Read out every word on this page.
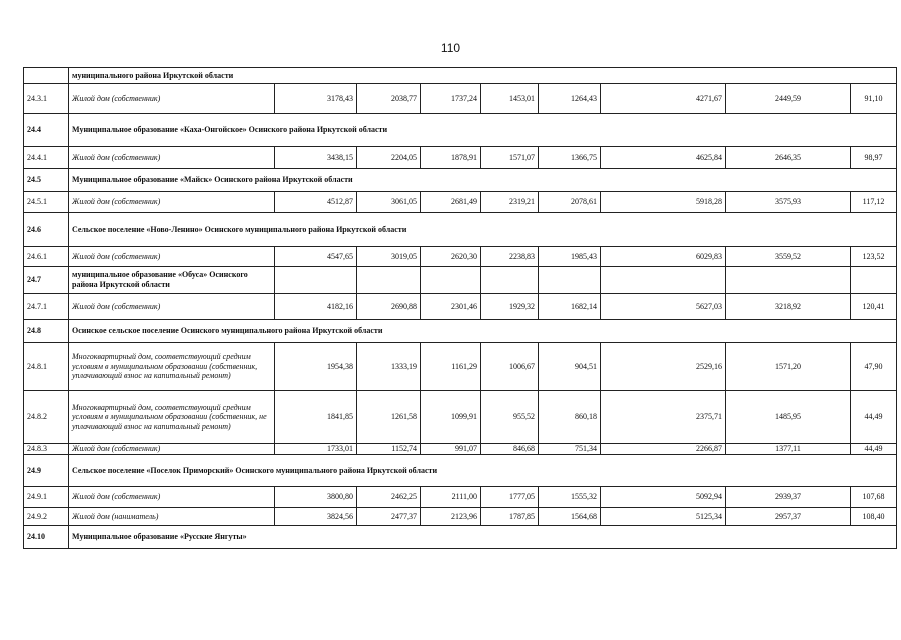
110
	муниципального района Иркутской области								
24.3.1	Жилой дом (собственник)	3178,43	2038,77	1737,24	1453,01	1264,43	4271,67	2449,59	91,10
24.4	Муниципальное образование «Каха-Онгойское» Осинского района Иркутской области								
24.4.1	Жилой дом (собственник)	3438,15	2204,05	1878,91	1571,07	1366,75	4625,84	2646,35	98,97
24.5	Муниципальное образование «Майск» Осинского района Иркутской области								
24.5.1	Жилой дом (собственник)	4512,87	3061,05	2681,49	2319,21	2078,61	5918,28	3575,93	117,12
24.6	Сельское поселение «Ново-Ленино» Осинского муниципального района Иркутской области								
24.6.1	Жилой дом (собственник)	4547,65	3019,05	2620,30	2238,83	1985,43	6029,83	3559,52	123,52
24.7	муниципальное образование «Обуса» Осинского района Иркутской области								
24.7.1	Жилой дом (собственник)	4182,16	2690,88	2301,46	1929,32	1682,14	5627,03	3218,92	120,41
24.8	Осинское сельское поселение Осинского муниципального района Иркутской области								
24.8.1	Многоквартирный дом, соответствующий средним условиям в муниципальном образовании (собственник, уплачивающий взнос на капитальный ремонт)	1954,38	1333,19	1161,29	1006,67	904,51	2529,16	1571,20	47,90
24.8.2	Многоквартирный дом, соответствующий средним условиям в муниципальном образовании (собственник, не уплачивающий взнос на капитальный ремонт)	1841,85	1261,58	1099,91	955,52	860,18	2375,71	1485,95	44,49
24.8.3	Жилой дом (собственник)	1733,01	1152,74	991,07	846,68	751,34	2266,87	1377,11	44,49
24.9	Сельское поселение «Поселок Приморский» Осинского муниципального района Иркутской области								
24.9.1	Жилой дом (собственник)	3800,80	2462,25	2111,00	1777,05	1555,32	5092,94	2939,37	107,68
24.9.2	Жилой дом (наниматель)	3824,56	2477,37	2123,96	1787,85	1564,68	5125,34	2957,37	108,40
24.10	Муниципальное образование «Русские Янгуты»								
